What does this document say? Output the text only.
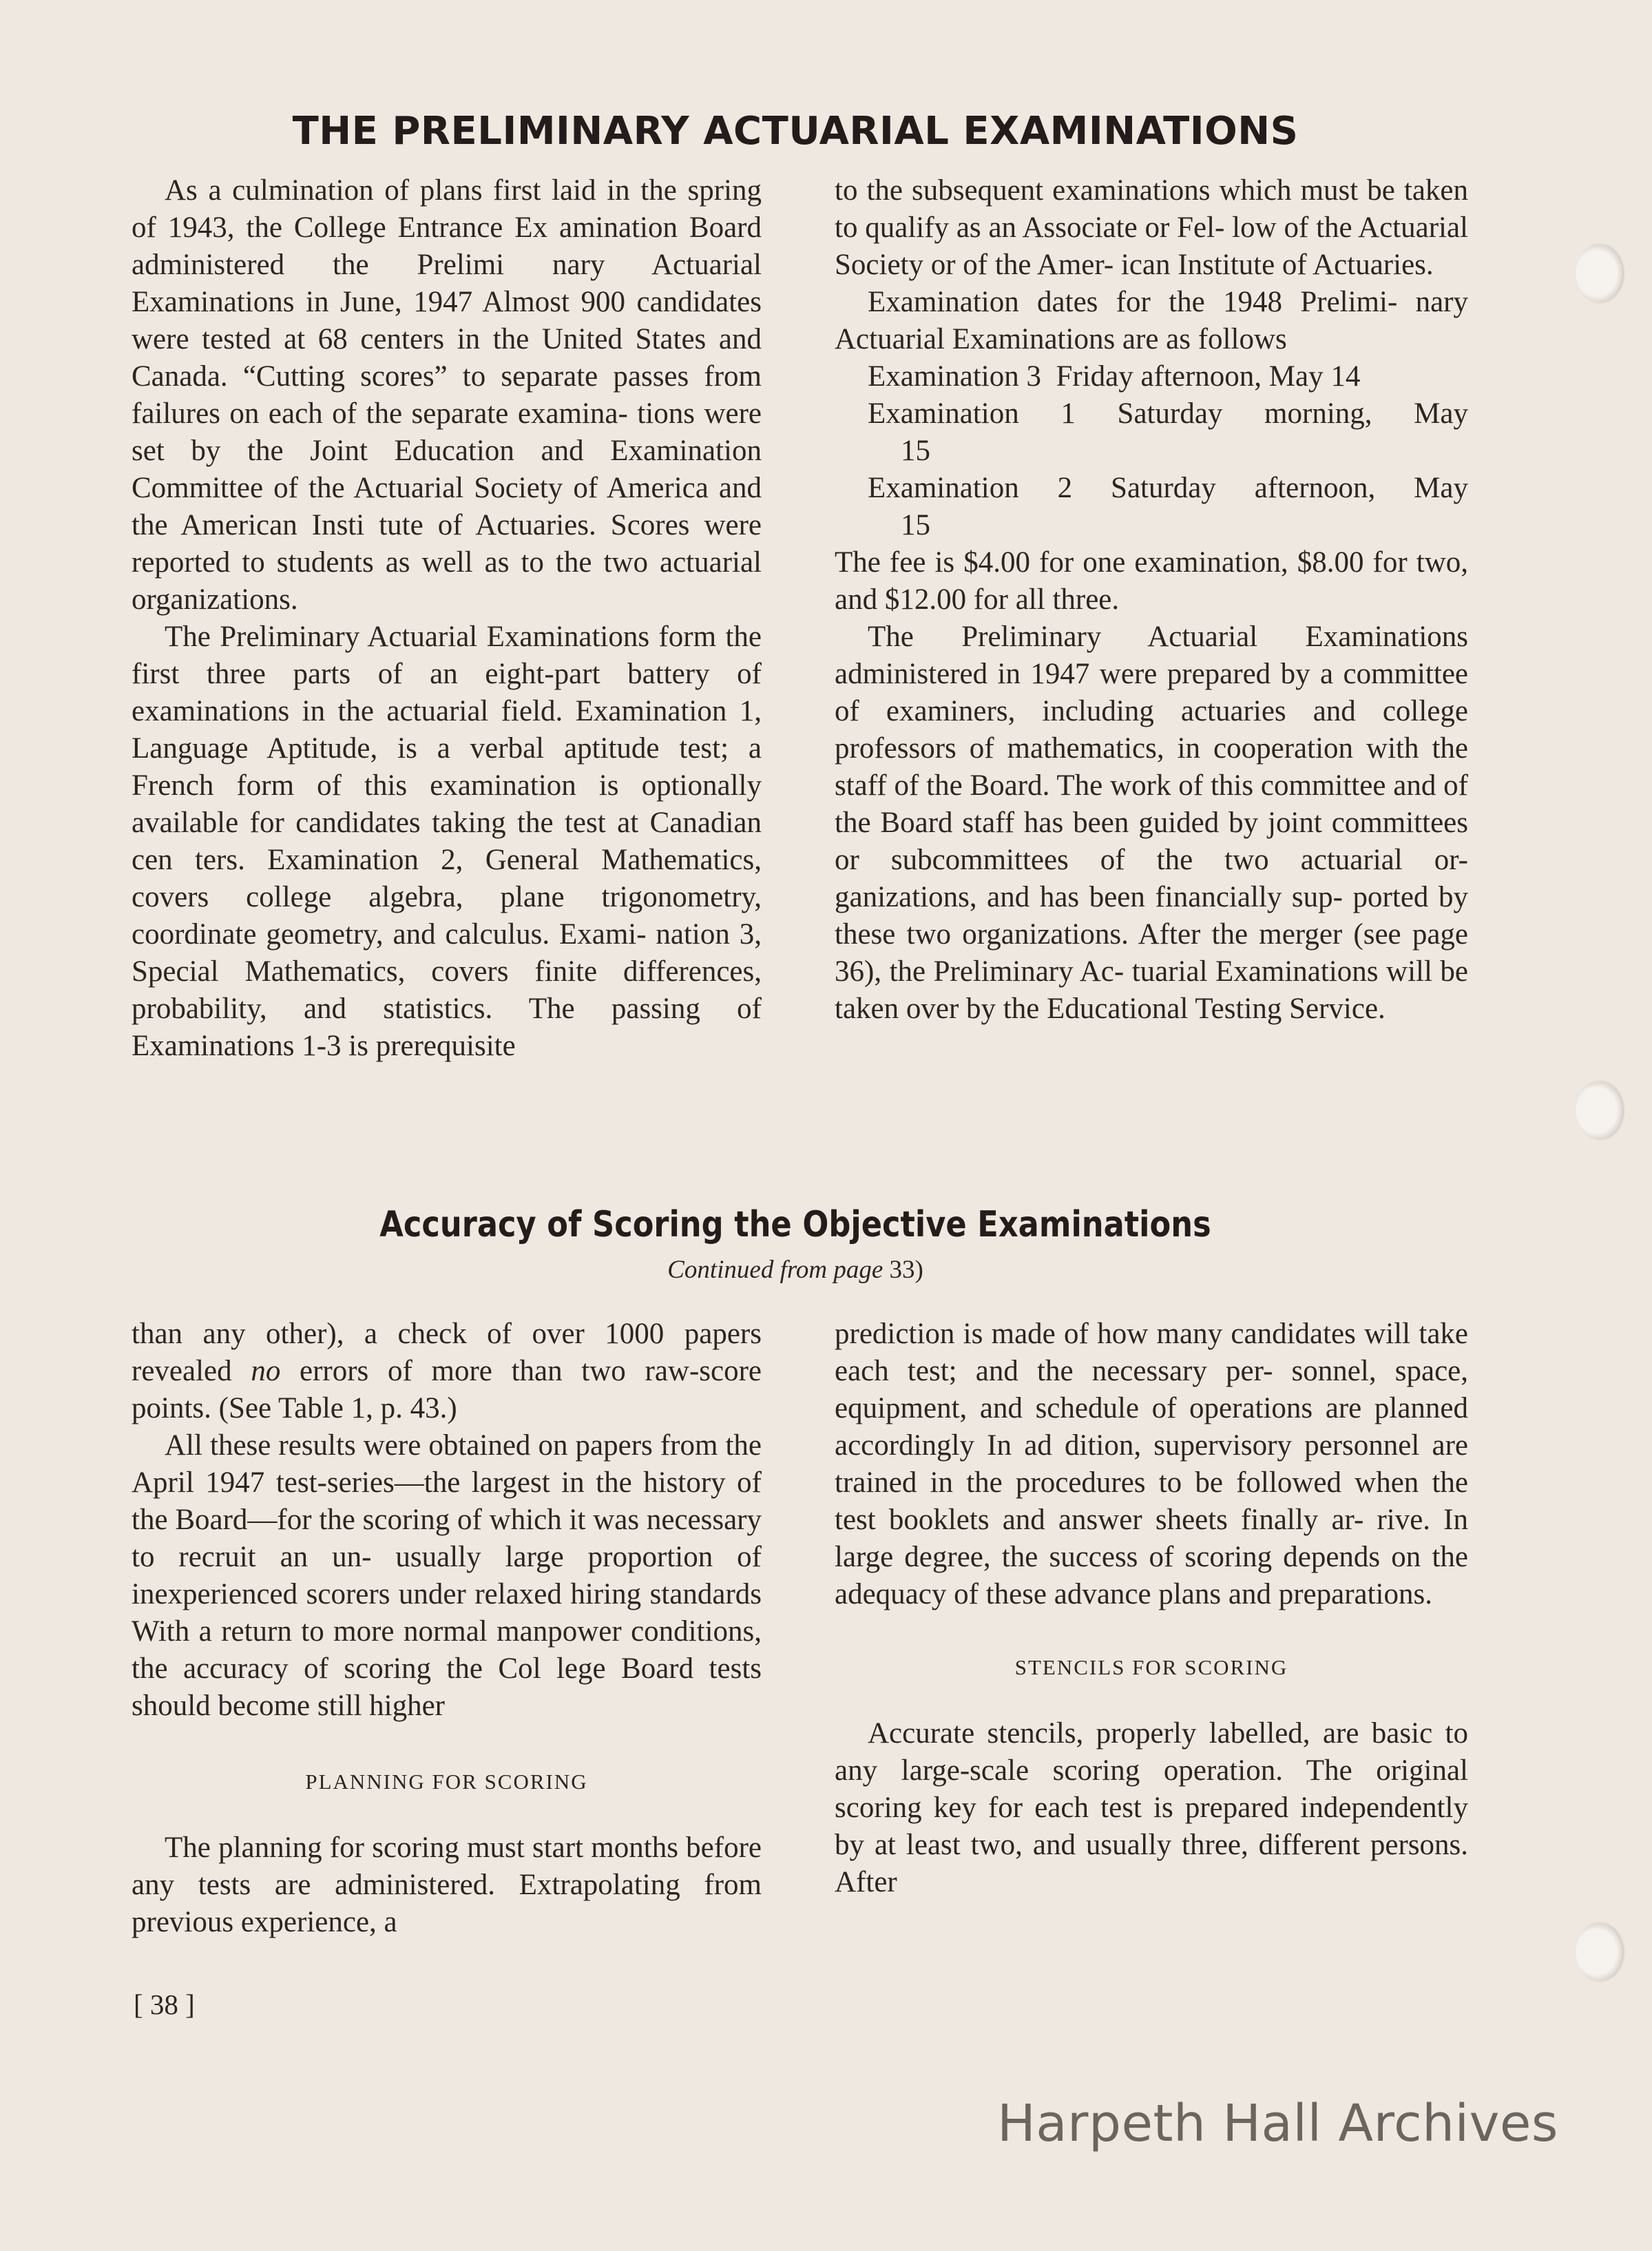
THE PRELIMINARY ACTUARIAL EXAMINATIONS

As a culmination of plans first laid in the spring of 1943, the College Entrance Ex amination Board administered the Prelimi nary Actuarial Examinations in June, 1947 Almost 900 candidates were tested at 68 centers in the United States and Canada. “Cutting scores” to separate passes from failures on each of the separate examina- tions were set by the Joint Education and Examination Committee of the Actuarial Society of America and the American Insti tute of Actuaries. Scores were reported to students as well as to the two actuarial organizations.

The Preliminary Actuarial Examinations form the first three parts of an eight-part battery of examinations in the actuarial field. Examination 1, Language Aptitude, is a verbal aptitude test; a French form of this examination is optionally available for candidates taking the test at Canadian cen ters. Examination 2, General Mathematics, covers college algebra, plane trigonometry, coordinate geometry, and calculus. Exami- nation 3, Special Mathematics, covers finite differences, probability, and statistics. The passing of Examinations 1-3 is prerequisite

to the subsequent examinations which must be taken to qualify as an Associate or Fel- low of the Actuarial Society or of the Amer- ican Institute of Actuaries.

Examination dates for the 1948 Prelimi- nary Actuarial Examinations are as follows

Examination 3 Friday afternoon, May 14
Examination 1 Saturday morning, May
15
Examination 2 Saturday afternoon, May
15

The fee is $4.00 for one examination, $8.00 for two, and $12.00 for all three.

The Preliminary Actuarial Examinations administered in 1947 were prepared by a committee of examiners, including actuaries and college professors of mathematics, in cooperation with the staff of the Board. The work of this committee and of the Board staff has been guided by joint committees or subcommittees of the two actuarial or- ganizations, and has been financially sup- ported by these two organizations. After the merger (see page 36), the Preliminary Ac- tuarial Examinations will be taken over by the Educational Testing Service.

Accuracy of Scoring the Objective Examinations
Continued from page 33)

than any other), a check of over 1000 papers revealed no errors of more than two raw-score points. (See Table 1, p. 43.)

All these results were obtained on papers from the April 1947 test-series—the largest in the history of the Board—for the scoring of which it was necessary to recruit an un- usually large proportion of inexperienced scorers under relaxed hiring standards With a return to more normal manpower conditions, the accuracy of scoring the Col lege Board tests should become still higher

PLANNING FOR SCORING

The planning for scoring must start months before any tests are administered. Extrapolating from previous experience, a

prediction is made of how many candidates will take each test; and the necessary per- sonnel, space, equipment, and schedule of operations are planned accordingly In ad dition, supervisory personnel are trained in the procedures to be followed when the test booklets and answer sheets finally ar- rive. In large degree, the success of scoring depends on the adequacy of these advance plans and preparations.

STENCILS FOR SCORING

Accurate stencils, properly labelled, are basic to any large-scale scoring operation. The original scoring key for each test is prepared independently by at least two, and usually three, different persons. After

[ 38 ]
Harpeth Hall Archives
